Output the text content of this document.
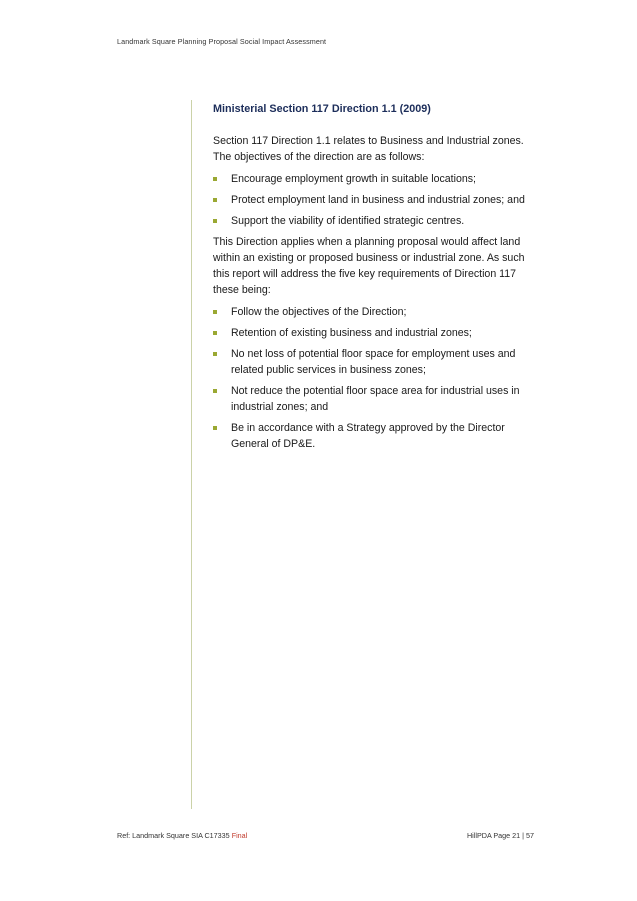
Landmark Square Planning Proposal Social Impact Assessment
Ministerial Section 117 Direction 1.1 (2009)

Section 117 Direction 1.1 relates to Business and Industrial zones. The objectives of the direction are as follows:

Encourage employment growth in suitable locations;
Protect employment land in business and industrial zones; and
Support the viability of identified strategic centres.

This Direction applies when a planning proposal would affect land within an existing or proposed business or industrial zone. As such this report will address the five key requirements of Direction 117 these being:

Follow the objectives of the Direction;
Retention of existing business and industrial zones;
No net loss of potential floor space for employment uses and related public services in business zones;
Not reduce the potential floor space area for industrial uses in industrial zones; and
Be in accordance with a Strategy approved by the Director General of DP&E.
Ref: Landmark Square SIA C17335 Final	HillPDA Page 21 | 57
